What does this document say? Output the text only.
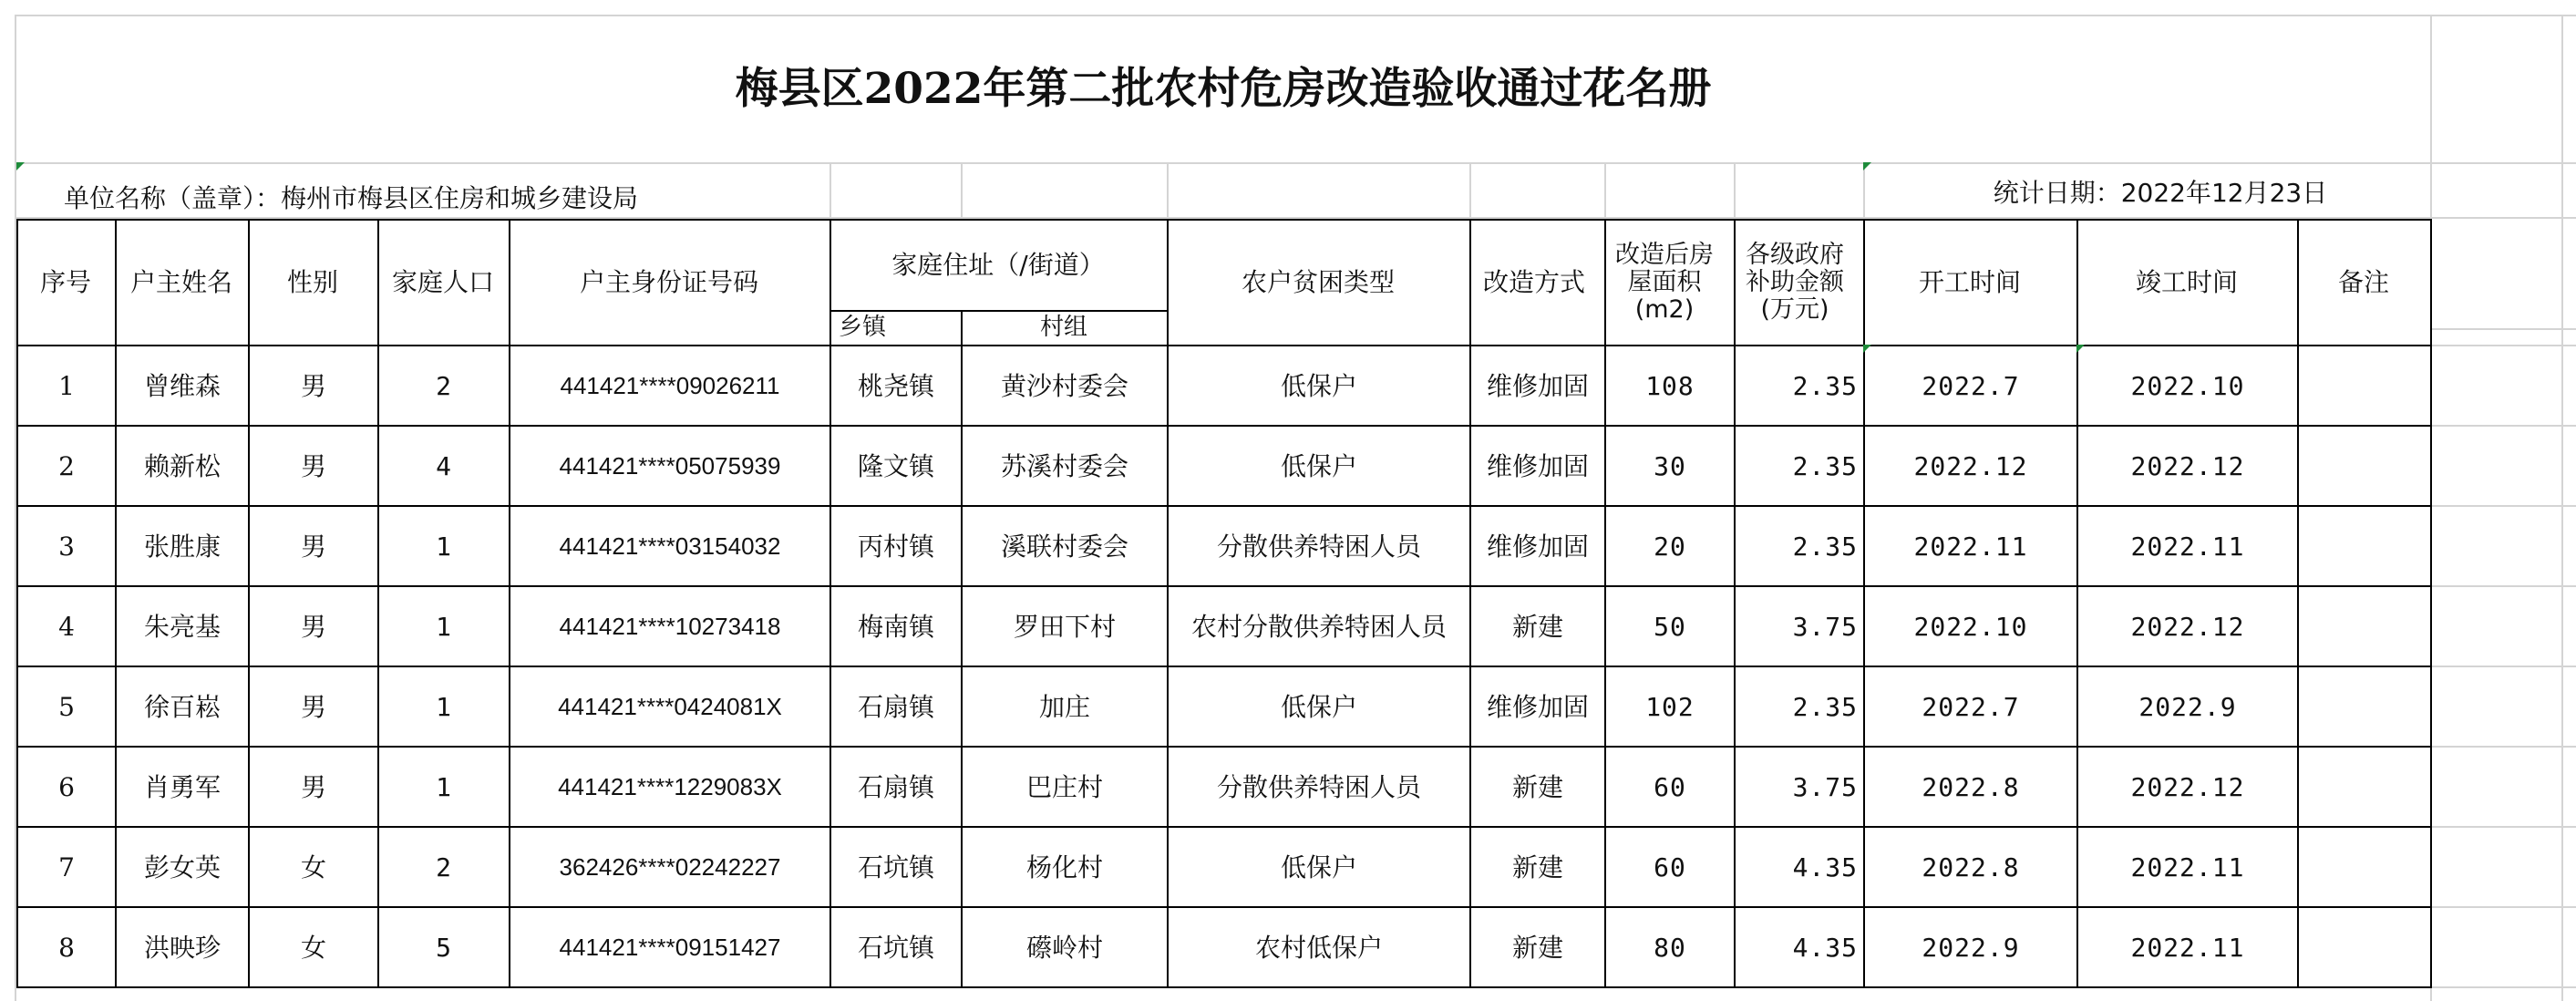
梅县区2022年第二批农村危房改造验收通过花名册
单位名称（盖章）：梅州市梅县区住房和城乡建设局	统计日期：2022年12月23日
序号	户主姓名	性别	家庭人口	户主身份证号码
家庭住址（/街道）
乡镇	村组
农户贫困类型	改造方式
改造后房屋面积(m2)
各级政府补助金额(万元)
开工时间	竣工时间	备注
1	曾维森	男	2	441421****09026211	桃尧镇	黄沙村委会	低保户	维修加固	108	2.35	2022.7	2022.10
2	赖新松	男	4	441421****05075939	隆文镇	苏溪村委会	低保户	维修加固	30	2.35	2022.12	2022.12
3	张胜康	男	1	441421****03154032	丙村镇	溪联村委会	分散供养特困人员	维修加固	20	2.35	2022.11	2022.11
4	朱亮基	男	1	441421****10273418	梅南镇	罗田下村	农村分散供养特困人员	新建	50	3.75	2022.10	2022.12
5	徐百崧	男	1	441421****0424081X	石扇镇	加庄	低保户	维修加固	102	2.35	2022.7	2022.9
6	肖勇军	男	1	441421****1229083X	石扇镇	巴庄村	分散供养特困人员	新建	60	3.75	2022.8	2022.12
7	彭女英	女	2	362426****02242227	石坑镇	杨化村	低保户	新建	60	4.35	2022.8	2022.11
8	洪映珍	女	5	441421****09151427	石坑镇	礤岭村	农村低保户	新建	80	4.35	2022.9	2022.11
